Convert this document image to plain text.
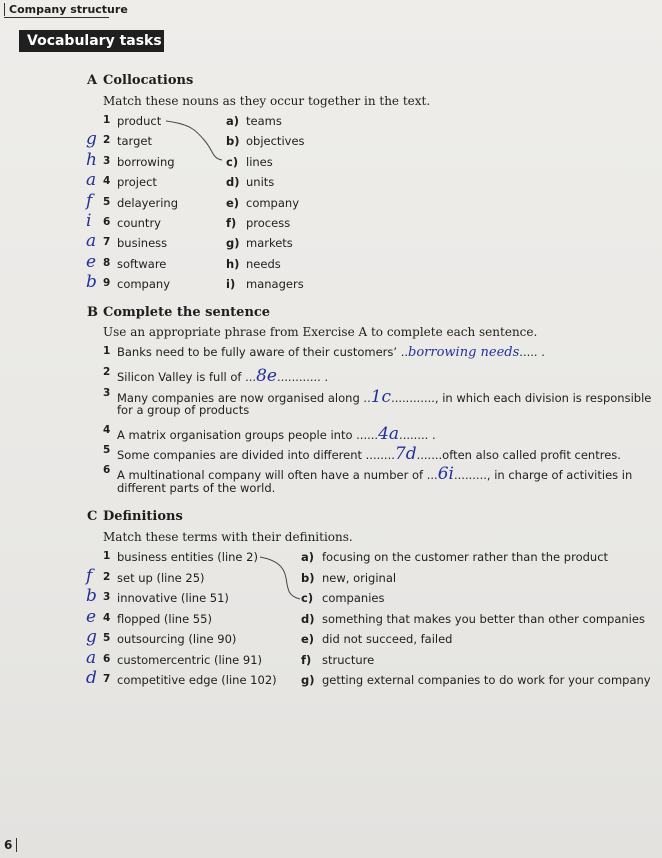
Company structure
Vocabulary tasks
A Collocations
Match these nouns as they occur together in the text.
1 product	a) teams
g 2 target	b) objectives
h 3 borrowing	c) lines
a 4 project	d) units
f 5 delayering	e) company
i 6 country	f) process
a 7 business	g) markets
e 8 software	h) needs
b 9 company	i) managers
B Complete the sentence
Use an appropriate phrase from Exercise A to complete each sentence.
1 Banks need to be fully aware of their customers’ ..borrowing needs..... .
2 Silicon Valley is full of ...8e............ .
3 Many companies are now organised along ..1c............, in which each division is responsible
for a group of products
4 A matrix organisation groups people into ......4a........ .
5 Some companies are divided into different ........7d.......often also called profit centres.
6 A multinational company will often have a number of ...6i........., in charge of activities in
different parts of the world.
C Definitions
Match these terms with their definitions.
1 business entities (line 2)	a) focusing on the customer rather than the product
f 2 set up (line 25)	b) new, original
b 3 innovative (line 51)	c) companies
e 4 flopped (line 55)	d) something that makes you better than other companies
g 5 outsourcing (line 90)	e) did not succeed, failed
a 6 customercentric (line 91)	f) structure
d 7 competitive edge (line 102) g) getting external companies to do work for your company
6
